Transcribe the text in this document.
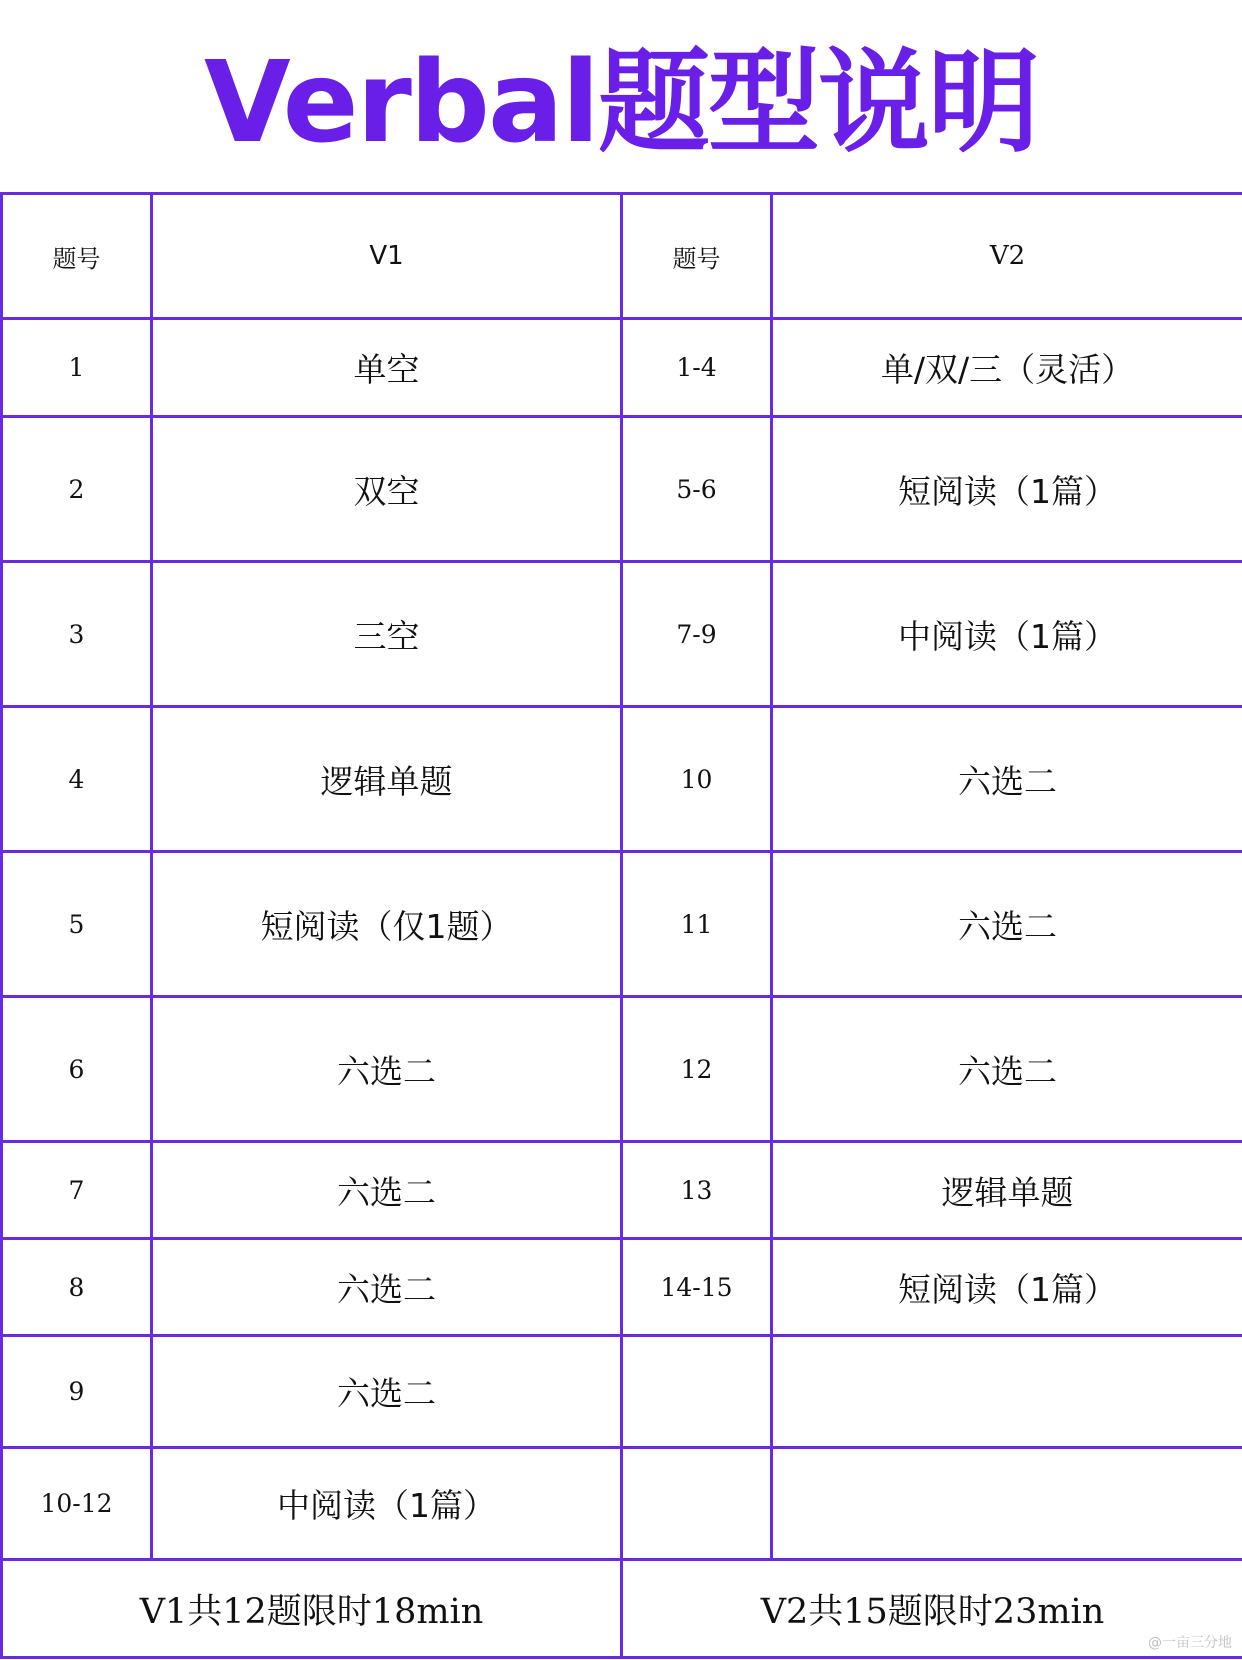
Verbal题型说明
题号	V1	题号	V2
1	单空	1-4	单/双/三（灵活）
2	双空	5-6	短阅读（1篇）
3	三空	7-9	中阅读（1篇）
4	逻辑单题	10	六选二
5	短阅读（仅1题）	11	六选二
6	六选二	12	六选二
7	六选二	13	逻辑单题
8	六选二	14-15	短阅读（1篇）
9	六选二		
10-12	中阅读（1篇）		
V1共12题限时18min		V2共15题限时23min	
@一亩三分地
